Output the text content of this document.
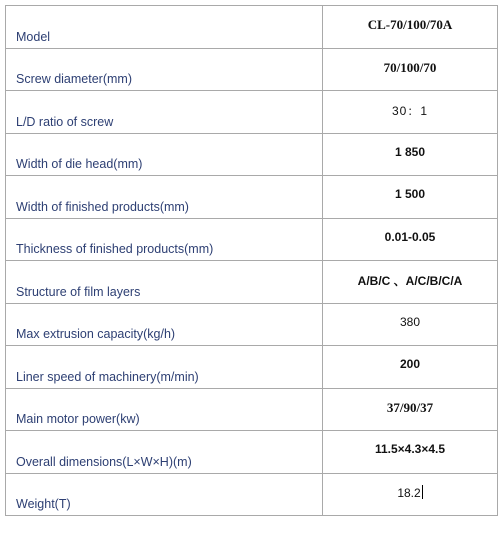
Model	CL-70/100/70A
Screw diameter(mm)	70/100/70
L/D ratio of screw	30：1
Width of die head(mm)	1 850
Width of finished products(mm)	1 500
Thickness of finished products(mm)	0.01-0.05
Structure of film layers	A/B/C 、A/C/B/C/A
Max extrusion capacity(kg/h)	380
Liner speed of machinery(m/min)	200
Main motor power(kw)	37/90/37
Overall dimensions(L×W×H)(m)	11.5×4.3×4.5
Weight(T)	18.2
